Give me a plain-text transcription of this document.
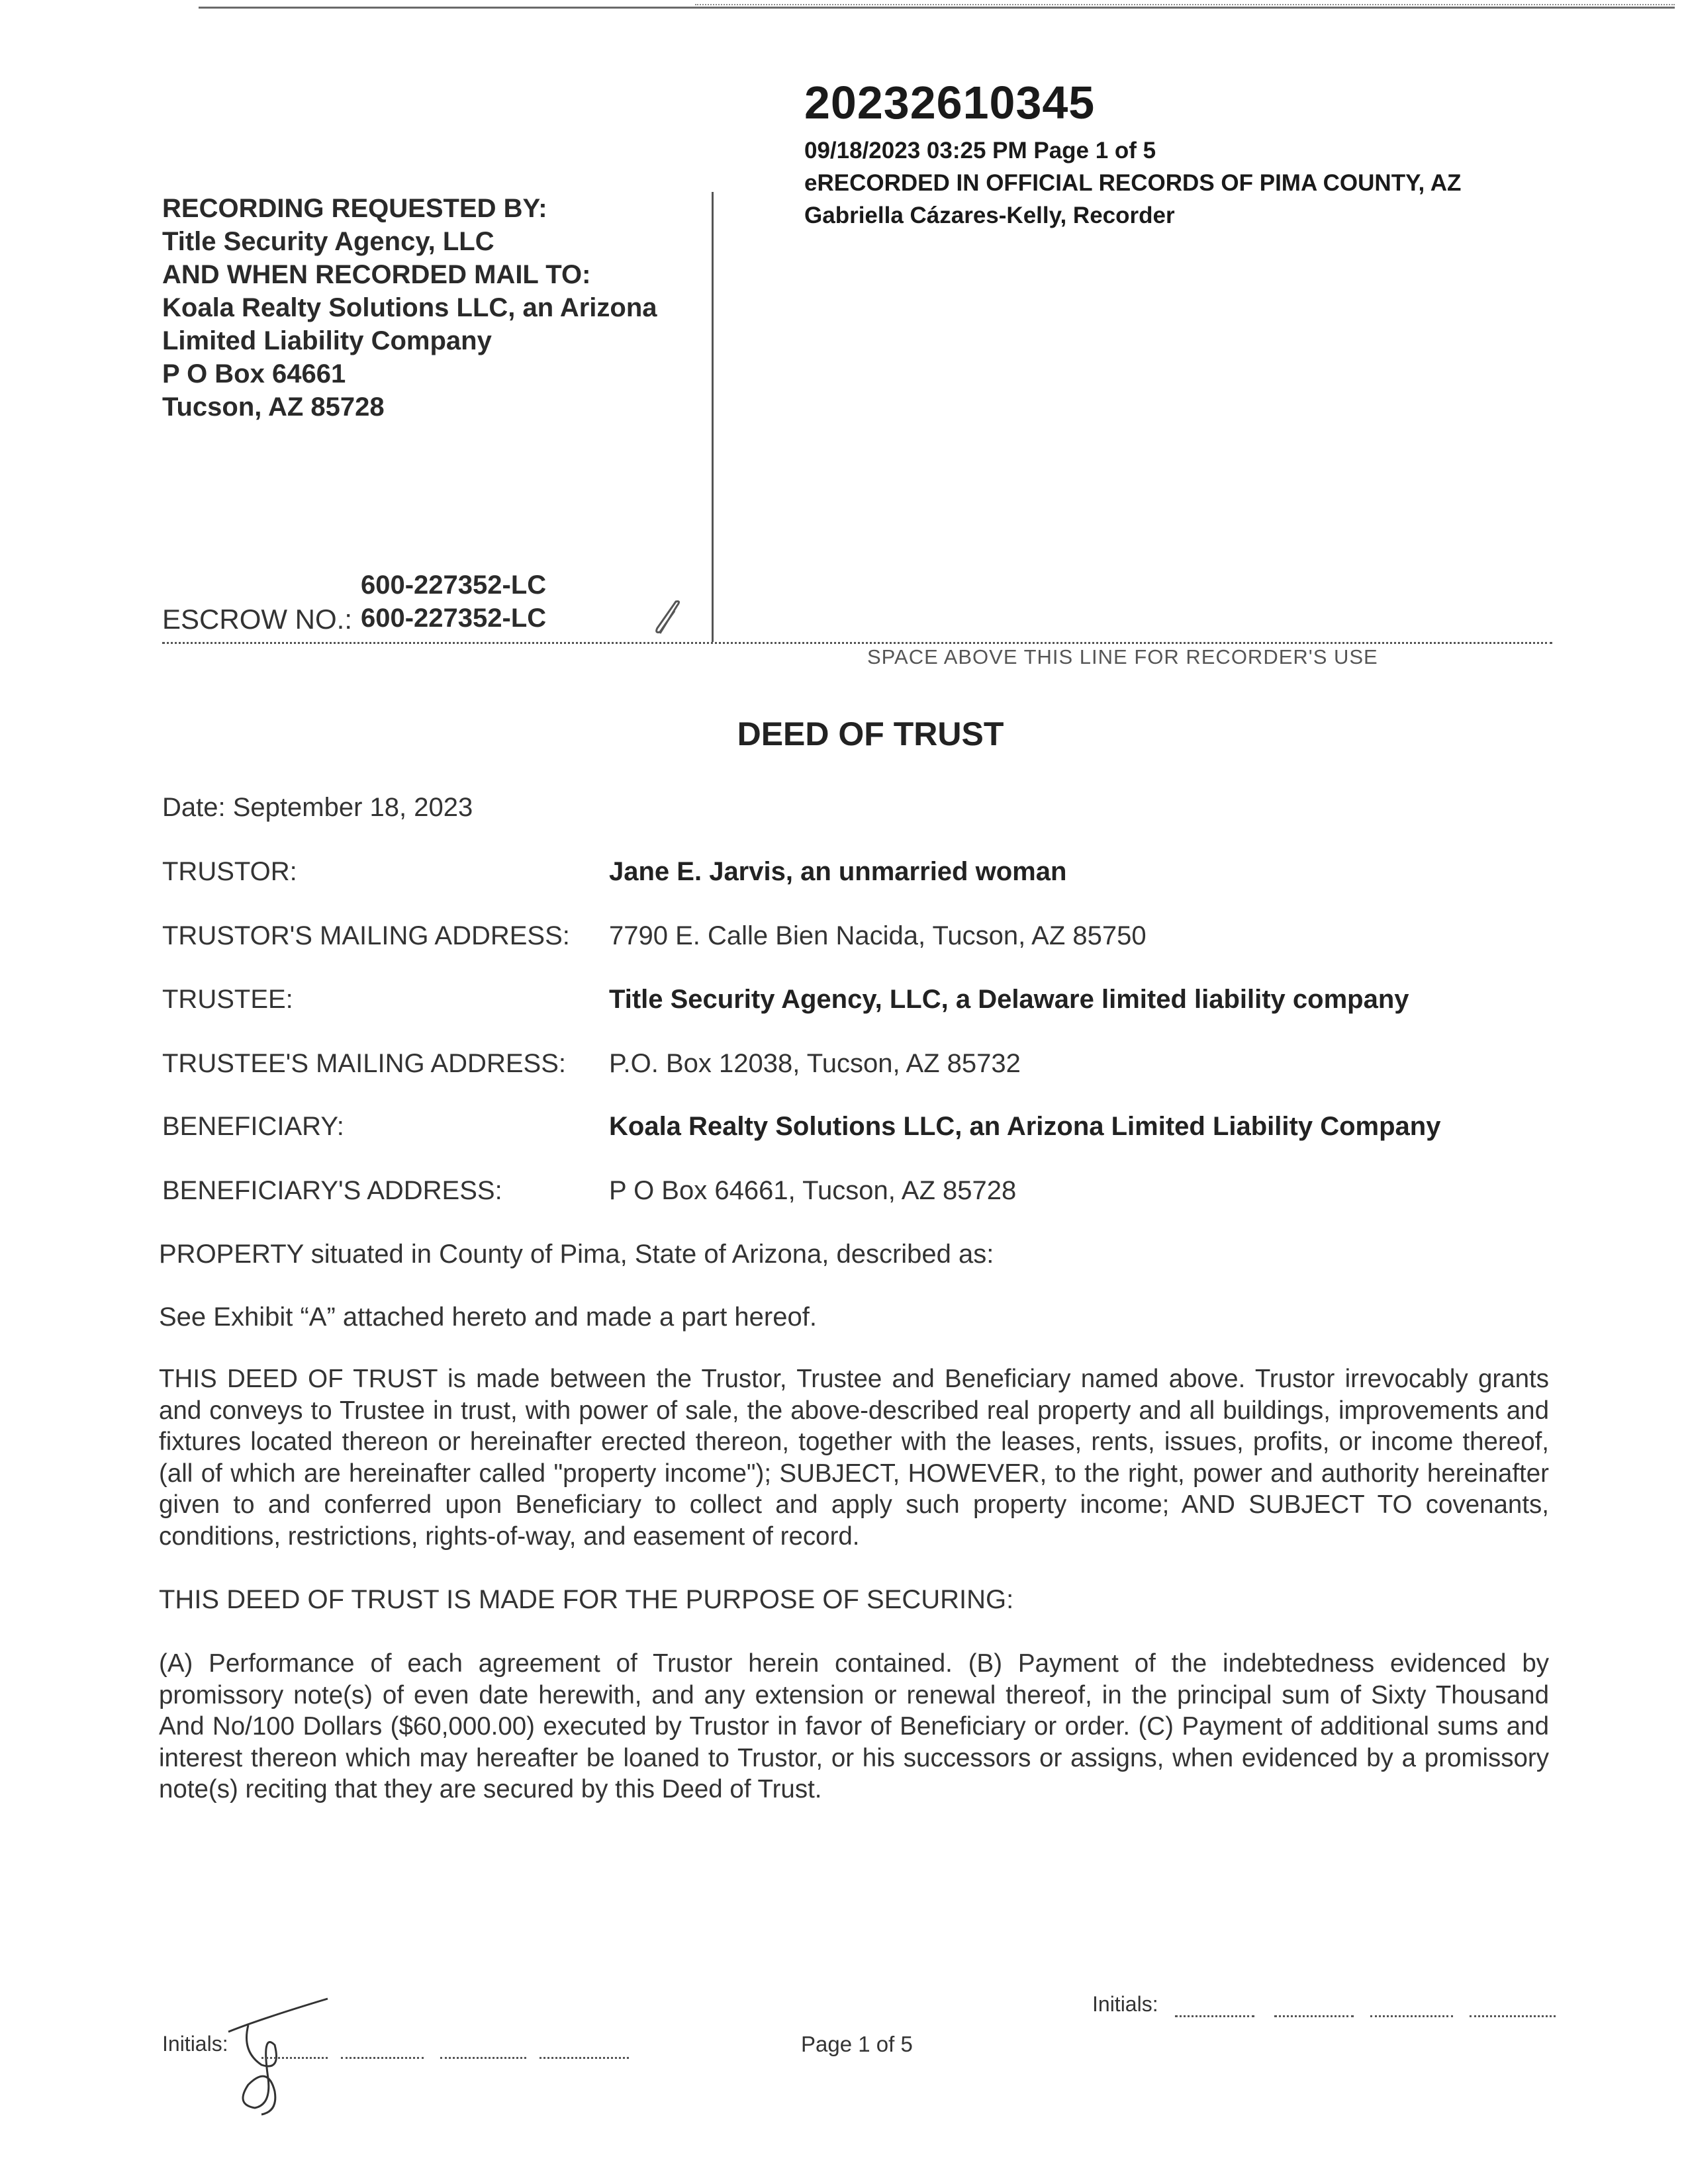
20232610345
09/18/2023 03:25 PM Page 1 of 5
eRECORDED IN OFFICIAL RECORDS OF PIMA COUNTY, AZ
Gabriella Cázares-Kelly, Recorder
RECORDING REQUESTED BY:
Title Security Agency, LLC
AND WHEN RECORDED MAIL TO:
Koala Realty Solutions LLC, an Arizona
Limited Liability Company
P O Box 64661
Tucson, AZ 85728
600-227352-LC
ESCROW NO.: 600-227352-LC
SPACE ABOVE THIS LINE FOR RECORDER'S USE
DEED OF TRUST
Date: September 18, 2023
TRUSTOR:	Jane E. Jarvis, an unmarried woman
TRUSTOR'S MAILING ADDRESS: 7790 E. Calle Bien Nacida, Tucson, AZ 85750
TRUSTEE:	Title Security Agency, LLC, a Delaware limited liability company
TRUSTEE'S MAILING ADDRESS: P.O. Box 12038, Tucson, AZ 85732
BENEFICIARY:	Koala Realty Solutions LLC, an Arizona Limited Liability Company
BENEFICIARY'S ADDRESS:	P O Box 64661, Tucson, AZ 85728
PROPERTY situated in County of Pima, State of Arizona, described as:
See Exhibit “A” attached hereto and made a part hereof.
THIS DEED OF TRUST is made between the Trustor, Trustee and Beneficiary named above. Trustor irrevocably grants and conveys to Trustee in trust, with power of sale, the above-described real property and all buildings, improvements and fixtures located thereon or hereinafter erected thereon, together with the leases, rents, issues, profits, or income thereof, (all of which are hereinafter called "property income"); SUBJECT, HOWEVER, to the right, power and authority hereinafter given to and conferred upon Beneficiary to collect and apply such property income; AND SUBJECT TO covenants, conditions, restrictions, rights-of-way, and easement of record.
THIS DEED OF TRUST IS MADE FOR THE PURPOSE OF SECURING:
(A) Performance of each agreement of Trustor herein contained. (B) Payment of the indebtedness evidenced by promissory note(s) of even date herewith, and any extension or renewal thereof, in the principal sum of Sixty Thousand And No/100 Dollars ($60,000.00) executed by Trustor in favor of Beneficiary or order. (C) Payment of additional sums and interest thereon which may hereafter be loaned to Trustor, or his successors or assigns, when evidenced by a promissory note(s) reciting that they are secured by this Deed of Trust.
Initials:	Page 1 of 5
Initials:
